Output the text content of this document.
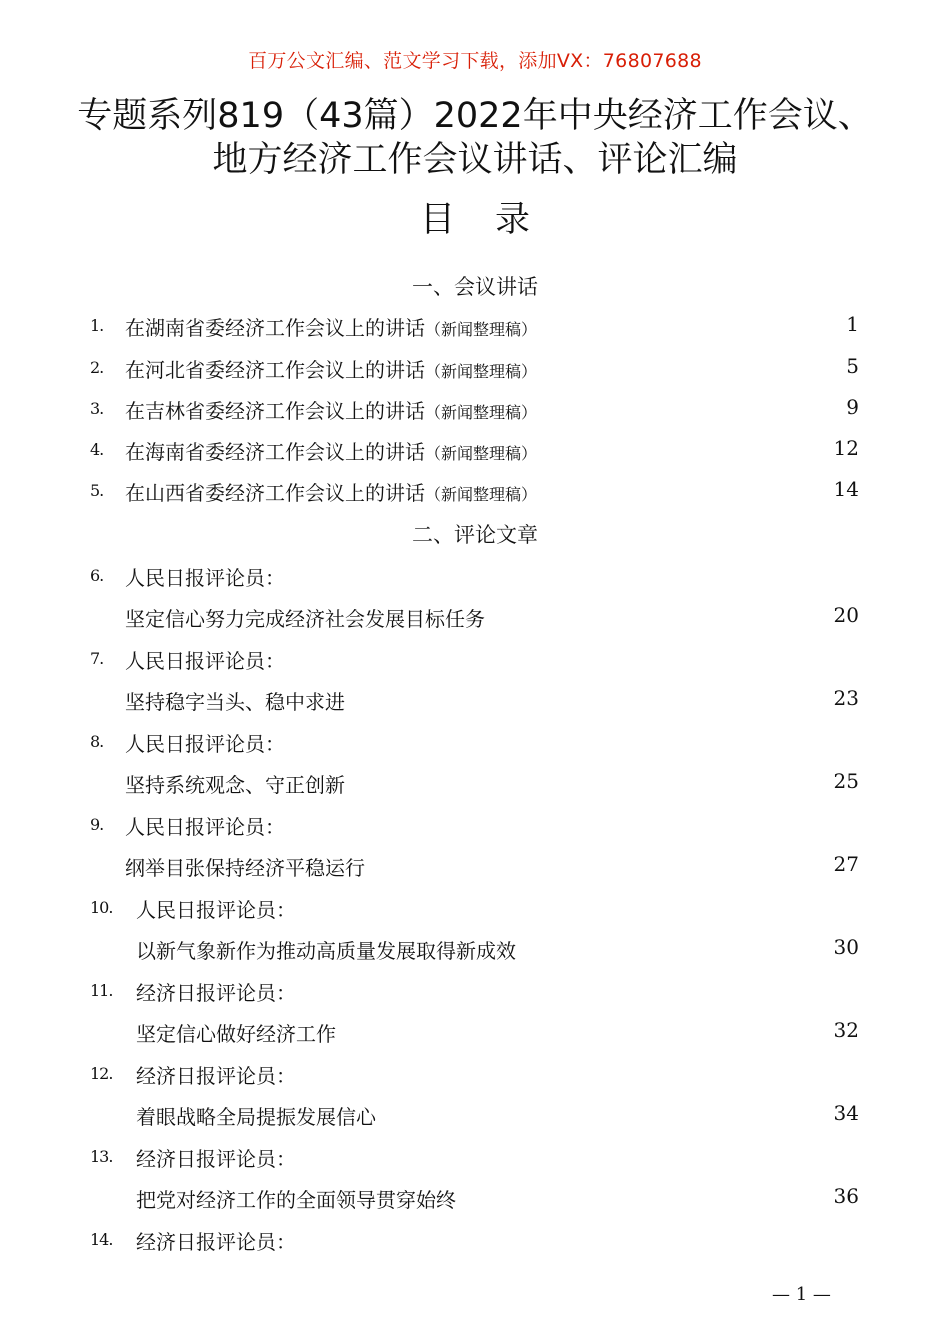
百万公文汇编、范文学习下载，添加VX：76807688
专题系列819（43篇）2022年中央经济工作会议、
地方经济工作会议讲话、评论汇编
目录
一、会议讲话
1. 在湖南省委经济工作会议上的讲话（新闻整理稿）	1
2. 在河北省委经济工作会议上的讲话（新闻整理稿）	5
3. 在吉林省委经济工作会议上的讲话（新闻整理稿）	9
4. 在海南省委经济工作会议上的讲话（新闻整理稿）	12
5. 在山西省委经济工作会议上的讲话（新闻整理稿）	14
二、评论文章
6. 人民日报评论员：
坚定信心努力完成经济社会发展目标任务	20
7. 人民日报评论员：
坚持稳字当头、稳中求进	23
8. 人民日报评论员：
坚持系统观念、守正创新	25
9. 人民日报评论员：
纲举目张保持经济平稳运行	27
10. 人民日报评论员：
以新气象新作为推动高质量发展取得新成效	30
11. 经济日报评论员：
坚定信心做好经济工作	32
12. 经济日报评论员：
着眼战略全局提振发展信心	34
13. 经济日报评论员：
把党对经济工作的全面领导贯穿始终	36
14. 经济日报评论员：
— 1 —
